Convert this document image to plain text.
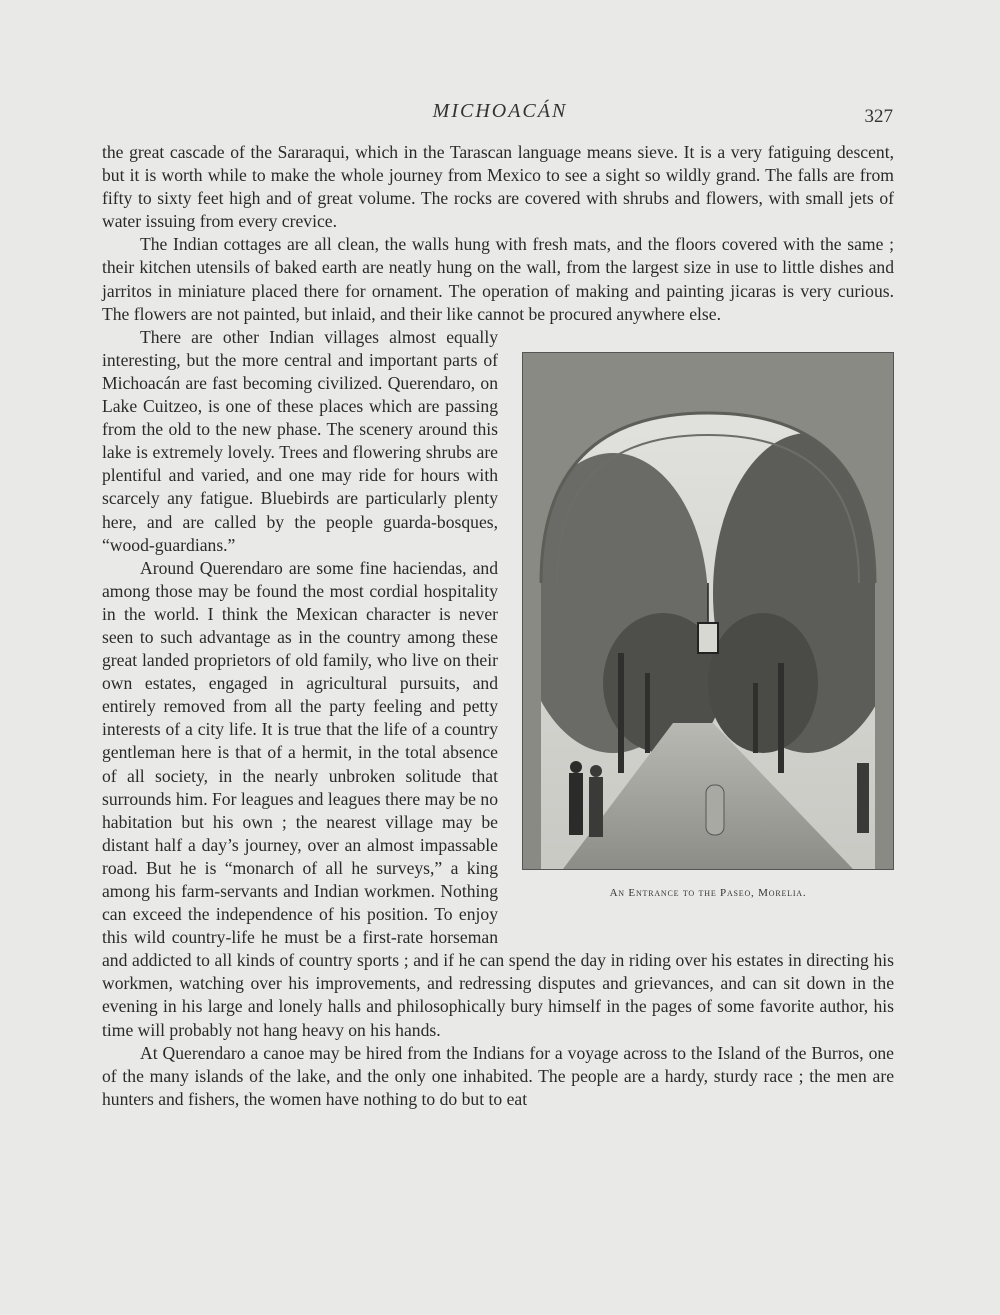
MICHOACÁN	327

the great cascade of the Sararaqui, which in the Tarascan language means sieve. It is a very fatiguing descent, but it is worth while to make the whole journey from Mexico to see a sight so wildly grand. The falls are from fifty to sixty feet high and of great volume. The rocks are covered with shrubs and flowers, with small jets of water issuing from every crevice.

The Indian cottages are all clean, the walls hung with fresh mats, and the floors covered with the same ; their kitchen utensils of baked earth are neatly hung on the wall, from the largest size in use to little dishes and jarritos in miniature placed there for ornament. The operation of making and painting jicaras is very curious. The flowers are not painted, but inlaid, and their like cannot be procured anywhere else.

An Entrance to the Paseo, Morelia.

There are other Indian villages almost equally interesting, but the more central and important parts of Michoacán are fast becoming civilized. Querendaro, on Lake Cuitzeo, is one of these places which are passing from the old to the new phase. The scenery around this lake is extremely lovely. Trees and flowering shrubs are plentiful and varied, and one may ride for hours with scarcely any fatigue. Bluebirds are particularly plenty here, and are called by the people guarda-bosques, “wood-guardians.”

Around Querendaro are some fine haciendas, and among those may be found the most cordial hospitality in the world. I think the Mexican character is never seen to such advantage as in the country among these great landed proprietors of old family, who live on their own estates, engaged in agricultural pursuits, and entirely removed from all the party feeling and petty interests of a city life. It is true that the life of a country gentleman here is that of a hermit, in the total absence of all society, in the nearly unbroken solitude that surrounds him. For leagues and leagues there may be no habitation but his own ; the nearest village may be distant half a day’s journey, over an almost impassable road. But he is “monarch of all he surveys,” a king among his farm-servants and Indian workmen. Nothing can exceed the independence of his position. To enjoy this wild country-life he must be a first-rate horseman and addicted to all kinds of country sports ; and if he can spend the day in riding over his estates in directing his workmen, watching over his improvements, and redressing disputes and grievances, and can sit down in the evening in his large and lonely halls and philosophically bury himself in the pages of some favorite author, his time will probably not hang heavy on his hands.

At Querendaro a canoe may be hired from the Indians for a voyage across to the Island of the Burros, one of the many islands of the lake, and the only one inhabited. The people are a hardy, sturdy race ; the men are hunters and fishers, the women have nothing to do but to eat
